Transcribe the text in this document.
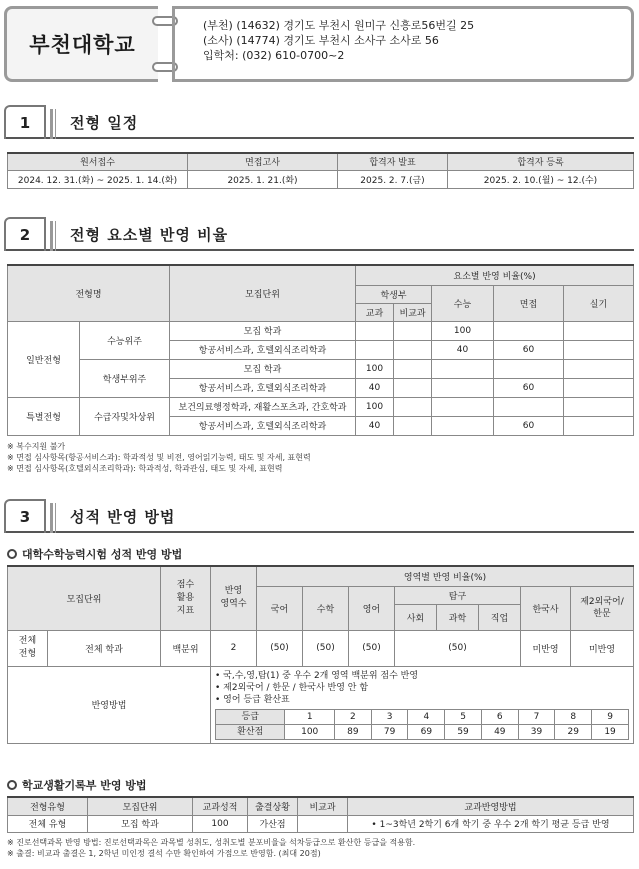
부천대학교
(부천) (14632) 경기도 부천시 원미구 신흥로56번길 25
(소사) (14774) 경기도 부천시 소사구 소사로 56
입학처: (032) 610-0700~2
1	전형 일정
원서접수	면접고사	합격자 발표	합격자 등록
2024. 12. 31.(화) ~ 2025. 1. 14.(화)	2025. 1. 21.(화)	2025. 2. 7.(금)	2025. 2. 10.(월) ~ 12.(수)
2	전형 요소별 반영 비율
전형명		모집단위	요소별 반영 비율(%)				
			학생부		수능	면접	실기
			교과	비교과			
일반전형	수능위주	모집 학과			100		
		항공서비스과, 호텔외식조리학과			40	60	
	학생부위주	모집 학과	100				
		항공서비스과, 호텔외식조리학과	40			60	
특별전형	수급자및차상위	보건의료행정학과, 재활스포츠과, 간호학과	100				
		항공서비스과, 호텔외식조리학과	40			60	
※ 복수지원 불가
※ 면접 심사항목(항공서비스과): 학과적성 및 비전, 영어읽기능력, 태도 및 자세, 표현력
※ 면접 심사항목(호텔외식조리학과): 학과적성, 학과관심, 태도 및 자세, 표현력
3	성적 반영 방법
대학수학능력시험 성적 반영 방법
모집단위	점수
활용
지표	반영
영역수	영역별 반영 비율(%)
국어	수학	영어	탐구	한국사	제2외국어/
한문
사회	과학	직업
전체
전형	전체 학과	백분위	2	(50)	(50)	(50)	(50)	미반영	미반영
반영방법	
• 국,수,영,탐(1) 중 우수 2개 영역 백분위 점수 반영
• 제2외국어 / 한문 / 한국사 반영 안 함
• 영어 등급 환산표
등급	1	2	3	4	5	6	7	8	9
환산점	100	89	79	69	59	49	39	29	19
학교생활기록부 반영 방법
전형유형	모집단위	교과성적	출결상황	비교과	교과반영방법
전체 유형	모집 학과	100	가산점		• 1~3학년 2학기 6개 학기 중 우수 2개 학기 평균 등급 반영
※ 진로선택과목 반영 방법: 진로선택과목은 과목별 성취도, 성취도별 분포비율을 석차등급으로 환산한 등급을 적용함.
※ 출결: 비교과 출결은 1, 2학년 미인정 결석 수만 확인하여 가점으로 반영함. (최대 20점)
